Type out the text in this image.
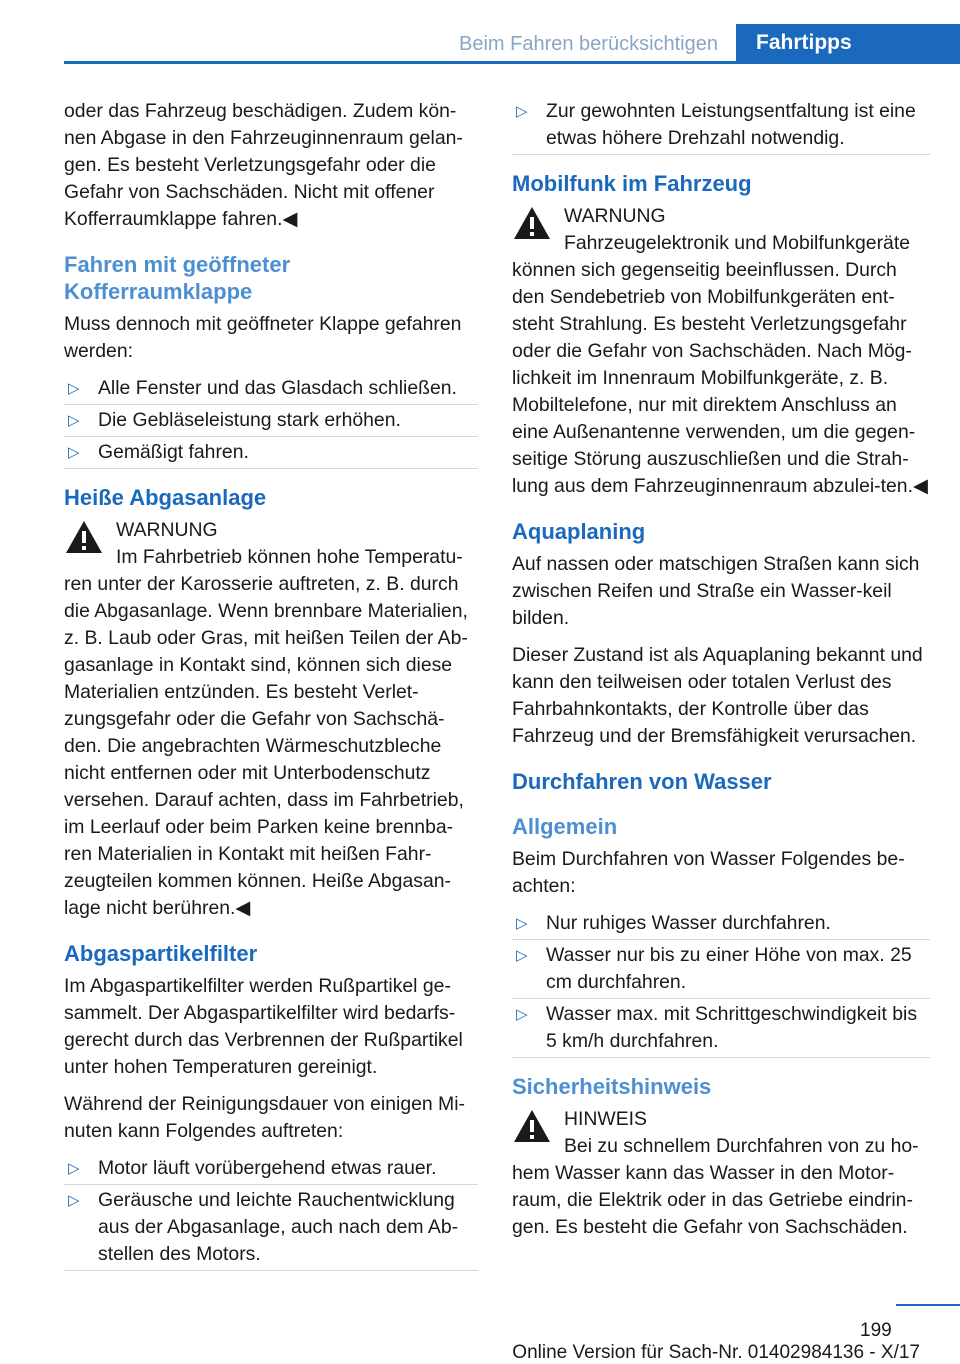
Beim Fahren berücksichtigen	Fahrtipps

oder das Fahrzeug beschädigen. Zudem kön-nen Abgase in den Fahrzeuginnenraum gelan-gen. Es besteht Verletzungsgefahr oder die Gefahr von Sachschäden. Nicht mit offener Kofferraumklappe fahren.◀

Fahren mit geöffneter Kofferraumklappe

Muss dennoch mit geöffneter Klappe gefahren werden:

▷ Alle Fenster und das Glasdach schließen.
▷ Die Gebläseleistung stark erhöhen.
▷ Gemäßigt fahren.
Heiße Abgasanlage
WARNUNG

Im Fahrbetrieb können hohe Temperatu-ren unter der Karosserie auftreten, z. B. durch die Abgasanlage. Wenn brennbare Materialien, z. B. Laub oder Gras, mit heißen Teilen der Ab-gasanlage in Kontakt sind, können sich diese Materialien entzünden. Es besteht Verlet-zungsgefahr oder die Gefahr von Sachschä-den. Die angebrachten Wärmeschutzbleche nicht entfernen oder mit Unterbodenschutz versehen. Darauf achten, dass im Fahrbetrieb, im Leerlauf oder beim Parken keine brennba-ren Materialien in Kontakt mit heißen Fahr-zeugteilen kommen können. Heiße Abgasan-lage nicht berühren.◀

Abgaspartikelfilter

Im Abgaspartikelfilter werden Rußpartikel ge-sammelt. Der Abgaspartikelfilter wird bedarfs-gerecht durch das Verbrennen der Rußpartikel unter hohen Temperaturen gereinigt.

Während der Reinigungsdauer von einigen Mi-nuten kann Folgendes auftreten:

▷ Motor läuft vorübergehend etwas rauer.
▷ Geräusche und leichte Rauchentwicklung aus der Abgasanlage, auch nach dem Ab-stellen des Motors.
▷ Zur gewohnten Leistungsentfaltung ist eine etwas höhere Drehzahl notwendig.
Mobilfunk im Fahrzeug
WARNUNG

Fahrzeugelektronik und Mobilfunkgeräte können sich gegenseitig beeinflussen. Durch den Sendebetrieb von Mobilfunkgeräten ent-steht Strahlung. Es besteht Verletzungsgefahr oder die Gefahr von Sachschäden. Nach Mög-lichkeit im Innenraum Mobilfunkgeräte, z. B. Mobiltelefone, nur mit direktem Anschluss an eine Außenantenne verwenden, um die gegen-seitige Störung auszuschließen und die Strah-lung aus dem Fahrzeuginnenraum abzulei-ten.◀

Aquaplaning

Auf nassen oder matschigen Straßen kann sich zwischen Reifen und Straße ein Wasser-keil bilden.

Dieser Zustand ist als Aquaplaning bekannt und kann den teilweisen oder totalen Verlust des Fahrbahnkontakts, der Kontrolle über das Fahrzeug und der Bremsfähigkeit verursachen.

Durchfahren von Wasser
Allgemein

Beim Durchfahren von Wasser Folgendes be-achten:

▷ Nur ruhiges Wasser durchfahren.
▷ Wasser nur bis zu einer Höhe von max. 25 cm durchfahren.
▷ Wasser max. mit Schrittgeschwindigkeit bis 5 km/h durchfahren.
Sicherheitshinweis
HINWEIS

Bei zu schnellem Durchfahren von zu ho-hem Wasser kann das Wasser in den Motor-raum, die Elektrik oder in das Getriebe eindrin-gen. Es besteht die Gefahr von Sachschäden.

199
Online Version für Sach-Nr. 01402984136 - X/17
